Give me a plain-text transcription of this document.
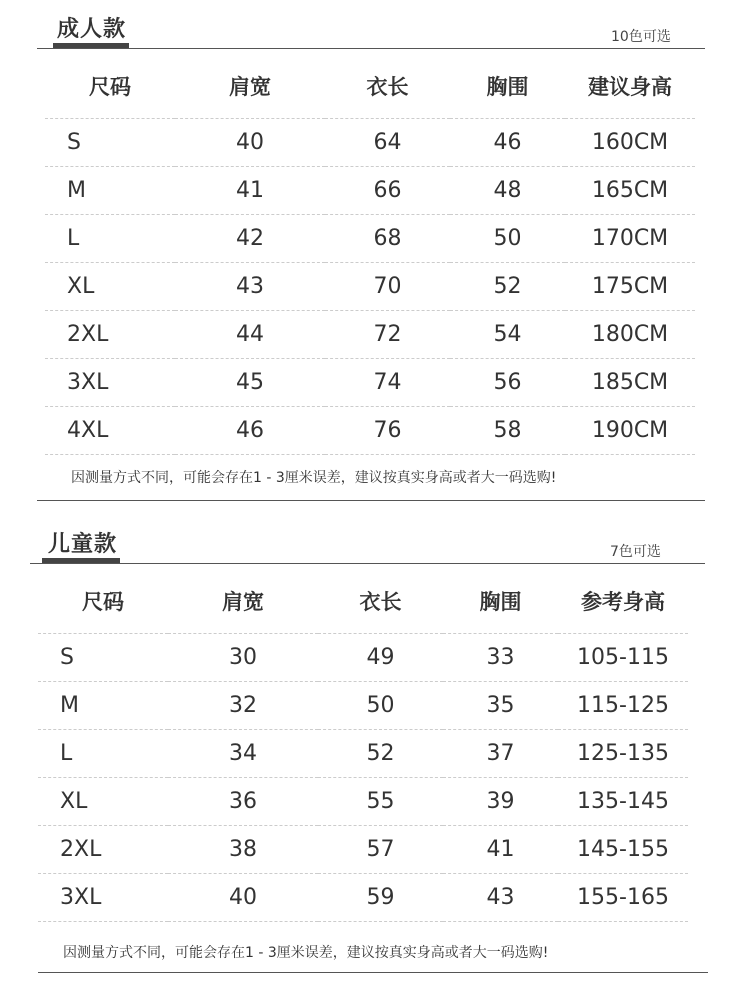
成人款	10色可选
尺码	肩宽	衣长	胸围	建议身高
S	40	64	46	160CM
M	41	66	48	165CM
L	42	68	50	170CM
XL	43	70	52	175CM
2XL	44	72	54	180CM
3XL	45	74	56	185CM
4XL	46	76	58	190CM
因测量方式不同，可能会存在1 - 3厘米误差，建议按真实身高或者大一码选购!
儿童款	7色可选
尺码	肩宽	衣长	胸围	参考身高
S	30	49	33	105-115
M	32	50	35	115-125
L	34	52	37	125-135
XL	36	55	39	135-145
2XL	38	57	41	145-155
3XL	40	59	43	155-165
因测量方式不同，可能会存在1 - 3厘米误差，建议按真实身高或者大一码选购!
